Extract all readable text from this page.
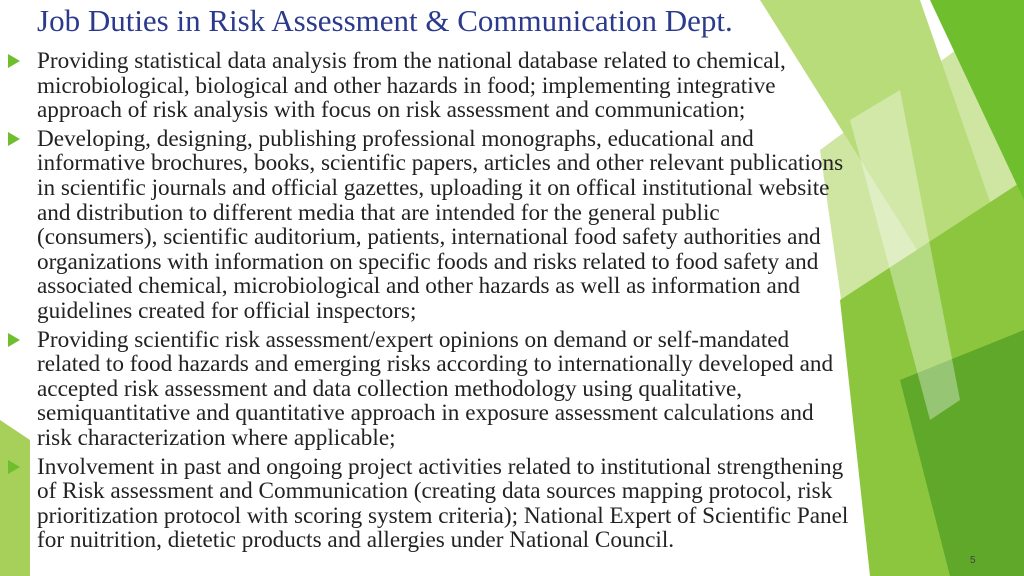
Job Duties in Risk Assessment & Communication Dept.
Providing statistical data analysis from the national database related to chemical,
microbiological, biological and other hazards in food; implementing integrative
approach of risk analysis with focus on risk assessment and communication;
Developing, designing, publishing professional monographs, educational and
informative brochures, books, scientific papers, articles and other relevant publications
in scientific journals and official gazettes, uploading it on offical institutional website
and distribution to different media that are intended for the general public
(consumers), scientific auditorium, patients, international food safety authorities and
organizations with information on specific foods and risks related to food safety and
associated chemical, microbiological and other hazards as well as information and
guidelines created for official inspectors;
Providing scientific risk assessment/expert opinions on demand or self-mandated
related to food hazards and emerging risks according to internationally developed and
accepted risk assessment and data collection methodology using qualitative,
semiquantitative and quantitative approach in exposure assessment calculations and
risk characterization where applicable;
Involvement in past and ongoing project activities related to institutional strengthening
of Risk assessment and Communication (creating data sources mapping protocol, risk
prioritization protocol with scoring system criteria); National Expert of Scientific Panel
for nuitrition, dietetic products and allergies under National Council.
5
